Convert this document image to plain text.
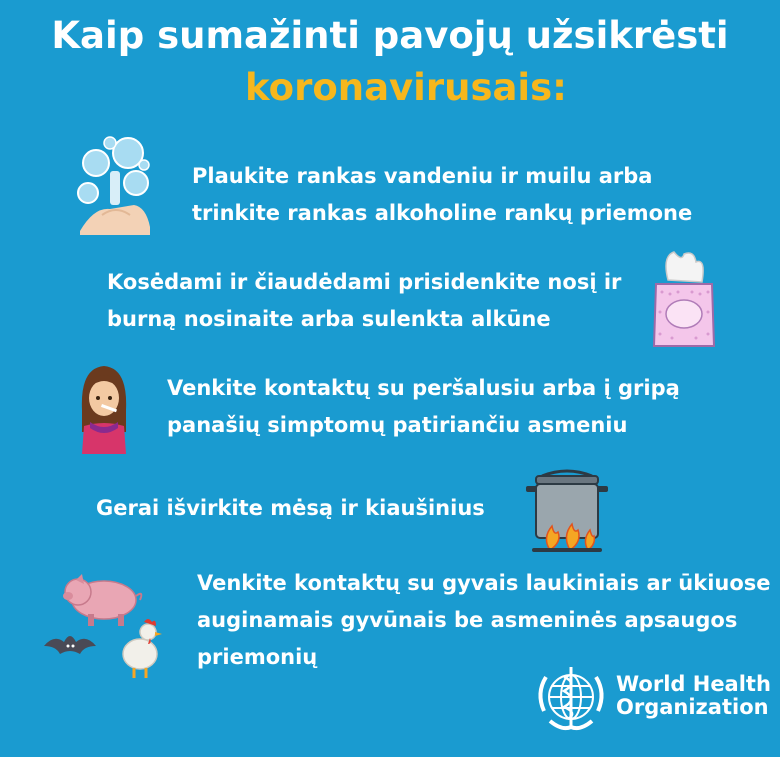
Kaip sumažinti pavojų užsikrėsti
koronavirusais:
Plaukite rankas vandeniu ir muilu arba
trinkite rankas alkoholine rankų priemone
Kosėdami ir čiaudėdami prisidenkite nosį ir
burną nosinaite arba sulenkta alkūne
Venkite kontaktų su peršalusiu arba į gripą
panašių simptomų patiriančiu asmeniu
Gerai išvirkite mėsą ir kiaušinius
Venkite kontaktų su gyvais laukiniais ar ūkiuose
auginamais gyvūnais be asmeninės apsaugos
priemonių
World Health
Organization
